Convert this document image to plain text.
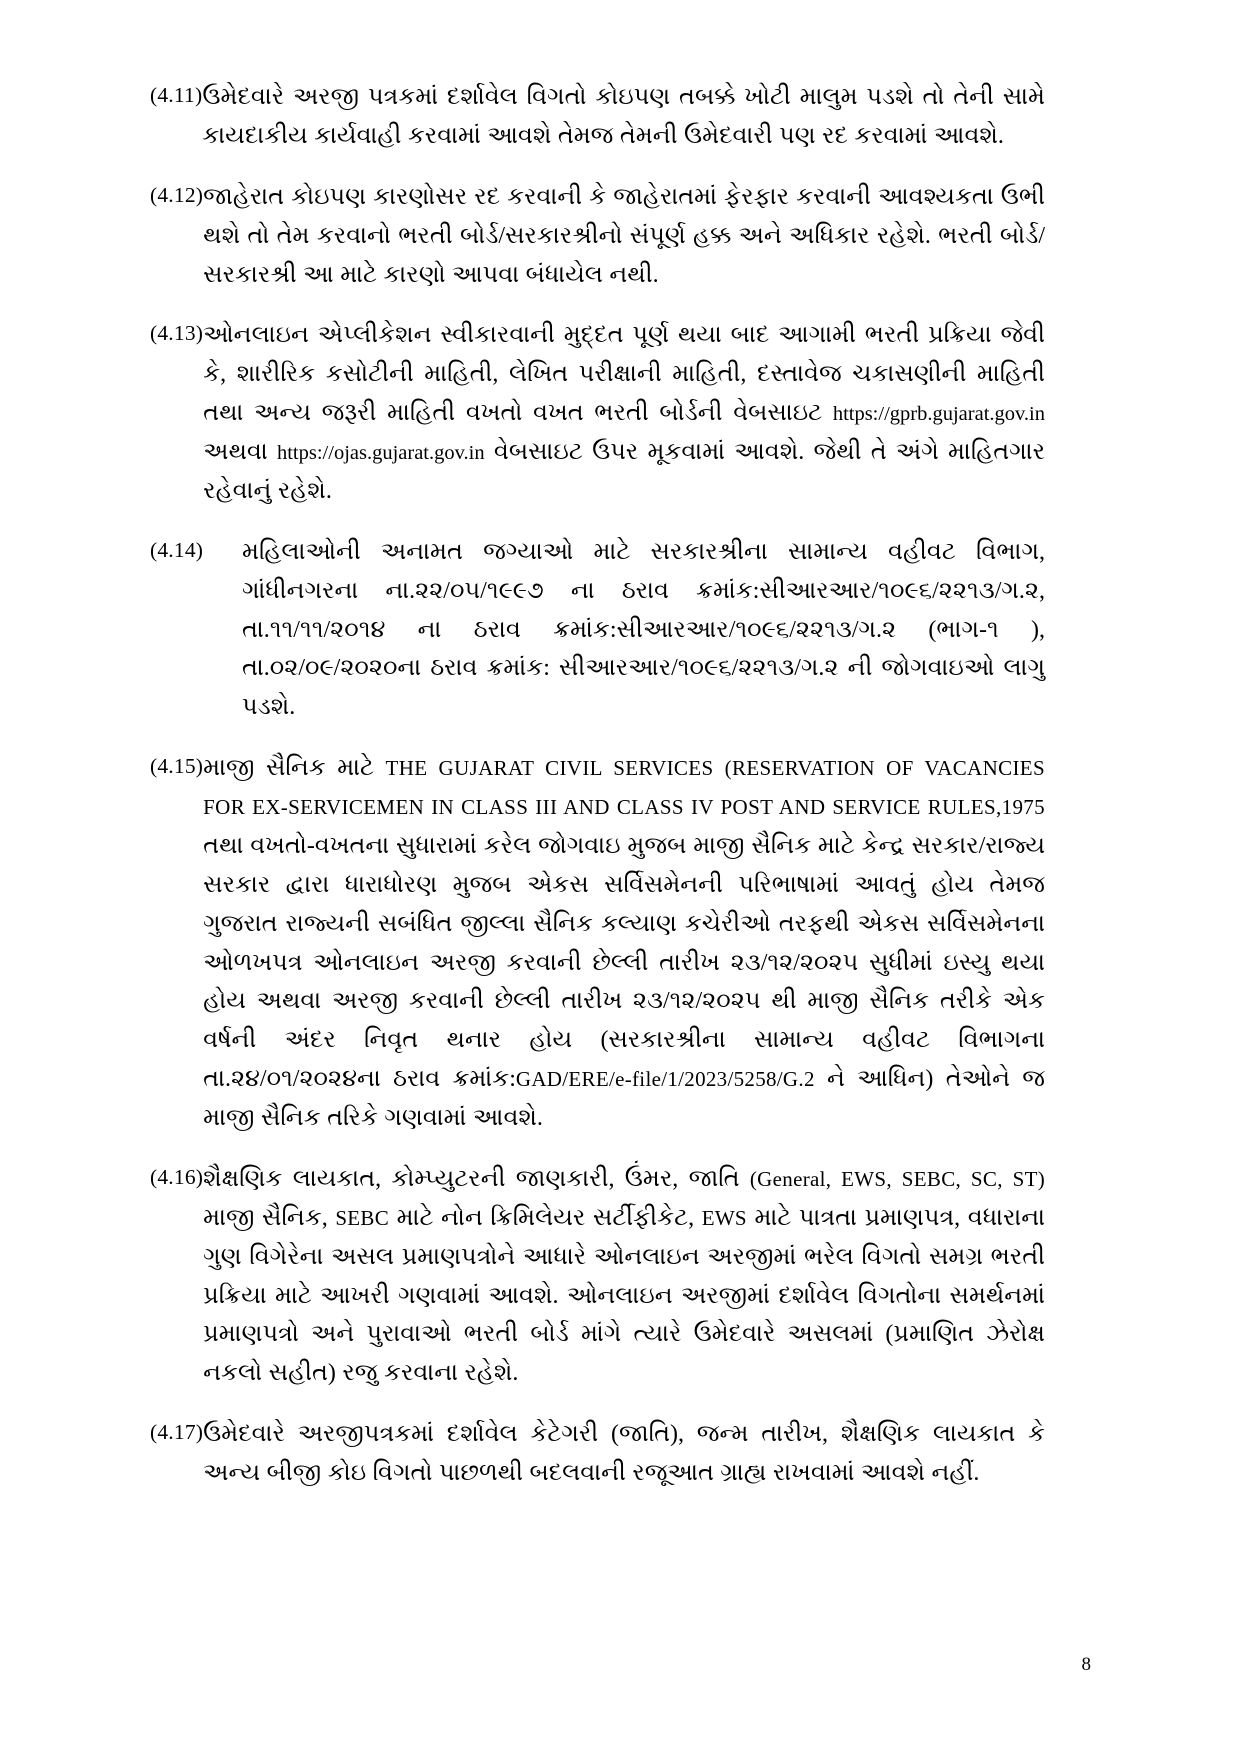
(4.11) ઉમેદવારે અરજી પત્રકમાં દર્શાવેલ વિગતો કોઇપણ તબક્કે ખોટી માલુમ પડશે તો તેની સામે કાયદાકીય કાર્યવાહી કરવામાં આવશે તેમજ તેમની ઉમેદવારી પણ રદ કરવામાં આવશે.

(4.12) જાહેરાત કોઇપણ કારણોસર રદ કરવાની કે જાહેરાતમાં ફેરફાર કરવાની આવશ્યકતા ઉભી થશે તો તેમ કરવાનો ભરતી બોર્ડ/સરકારશ્રીનો સંપૂર્ણ હક્ક અને અધિકાર રહેશે. ભરતી બોર્ડ/સરકારશ્રી આ માટે કારણો આપવા બંધાયેલ નથી.

(4.13) ઓનલાઇન એપ્લીકેશન સ્વીકારવાની મુદ્દત પૂર્ણ થયા બાદ આગામી ભરતી પ્રક્રિયા જેવી કે, શારીરિક કસોટીની માહિતી, લેખિત પરીક્ષાની માહિતી, દસ્તાવેજ ચકાસણીની માહિતી તથા અન્ય જરૂરી માહિતી વખતો વખત ભરતી બોર્ડની વેબસાઇટ https://gprb.gujarat.gov.in અથવા https://ojas.gujarat.gov.in વેબસાઇટ ઉપર મૂકવામાં આવશે. જેથી તે અંગે માહિતગાર રહેવાનું રહેશે.

(4.14)	મહિલાઓની અનામત જગ્યાઓ માટે સરકારશ્રીના સામાન્ય વહીવટ વિભાગ, ગાંધીનગરના ના.૨૨/૦૫/૧૯૯૭ ના ઠરાવ ક્રમાંક:સીઆરઆર/૧૦૯૬/૨૨૧૩/ગ.૨, તા.૧૧/૧૧/૨૦૧૪ ના ઠરાવ ક્રમાંક:સીઆરઆર/૧૦૯૬/૨૨૧૩/ગ.૨ (ભાગ-૧ ), તા.૦૨/૦૯/૨૦૨૦ના ઠરાવ ક્રમાંક: સીઆરઆર/૧૦૯૬/૨૨૧૩/ગ.૨ ની જોગવાઇઓ લાગુ પડશે.

(4.15) માજી સૈનિક માટે THE GUJARAT CIVIL SERVICES (RESERVATION OF VACANCIES FOR EX-SERVICEMEN IN CLASS III AND CLASS IV POST AND SERVICE RULES,1975 તથા વખતો-વખતના સુધારામાં કરેલ જોગવાઇ મુજબ માજી સૈનિક માટે કેન્દ્ર સરકાર/રાજ્ય સરકાર દ્વારા ધારાધોરણ મુજબ એકસ સર્વિસમેનની પરિભાષામાં આવતું હોય તેમજ ગુજરાત રાજ્યની સબંધિત જીલ્લા સૈનિક કલ્યાણ કચેરીઓ તરફથી એકસ સર્વિસમેનના ઓળખપત્ર ઓનલાઇન અરજી કરવાની છેલ્લી તારીખ ૨૩/૧૨/૨૦૨૫ સુધીમાં ઇસ્યુ થયા હોય અથવા અરજી કરવાની છેલ્લી તારીખ ૨૩/૧૨/૨૦૨૫ થી માજી સૈનિક તરીકે એક વર્ષની અંદર નિવૃત થનાર હોય (સરકારશ્રીના સામાન્ય વહીવટ વિભાગના તા.૨૪/૦૧/૨૦૨૪ના ઠરાવ ક્રમાંક:GAD/ERE/e-file/1/2023/5258/G.2 ને આધિન) તેઓને જ માજી સૈનિક તરિકે ગણવામાં આવશે.

(4.16) શૈક્ષણિક લાયકાત, કોમ્પ્યુટરની જાણકારી, ઉંમર, જાતિ (General, EWS, SEBC, SC, ST) માજી સૈનિક, SEBC માટે નોન ક્રિમિલેયર સર્ટીફીકેટ, EWS માટે પાત્રતા પ્રમાણપત્ર, વધારાના ગુણ વિગેરેના અસલ પ્રમાણપત્રોને આધારે ઓનલાઇન અરજીમાં ભરેલ વિગતો સમગ્ર ભરતી પ્રક્રિયા માટે આખરી ગણવામાં આવશે. ઓનલાઇન અરજીમાં દર્શાવેલ વિગતોના સમર્થનમાં પ્રમાણપત્રો અને પુરાવાઓ ભરતી બોર્ડ માંગે ત્યારે ઉમેદવારે અસલમાં (પ્રમાણિત ઝેરોક્ષ નકલો સહીત) રજુ કરવાના રહેશે.

(4.17) ઉમેદવારે અરજીપત્રકમાં દર્શાવેલ કેટેગરી (જાતિ), જન્મ તારીખ, શૈક્ષણિક લાયકાત કે અન્ય બીજી કોઇ વિગતો પાછળથી બદલવાની રજૂઆત ગ્રાહ્ય રાખવામાં આવશે નહીં.

8
